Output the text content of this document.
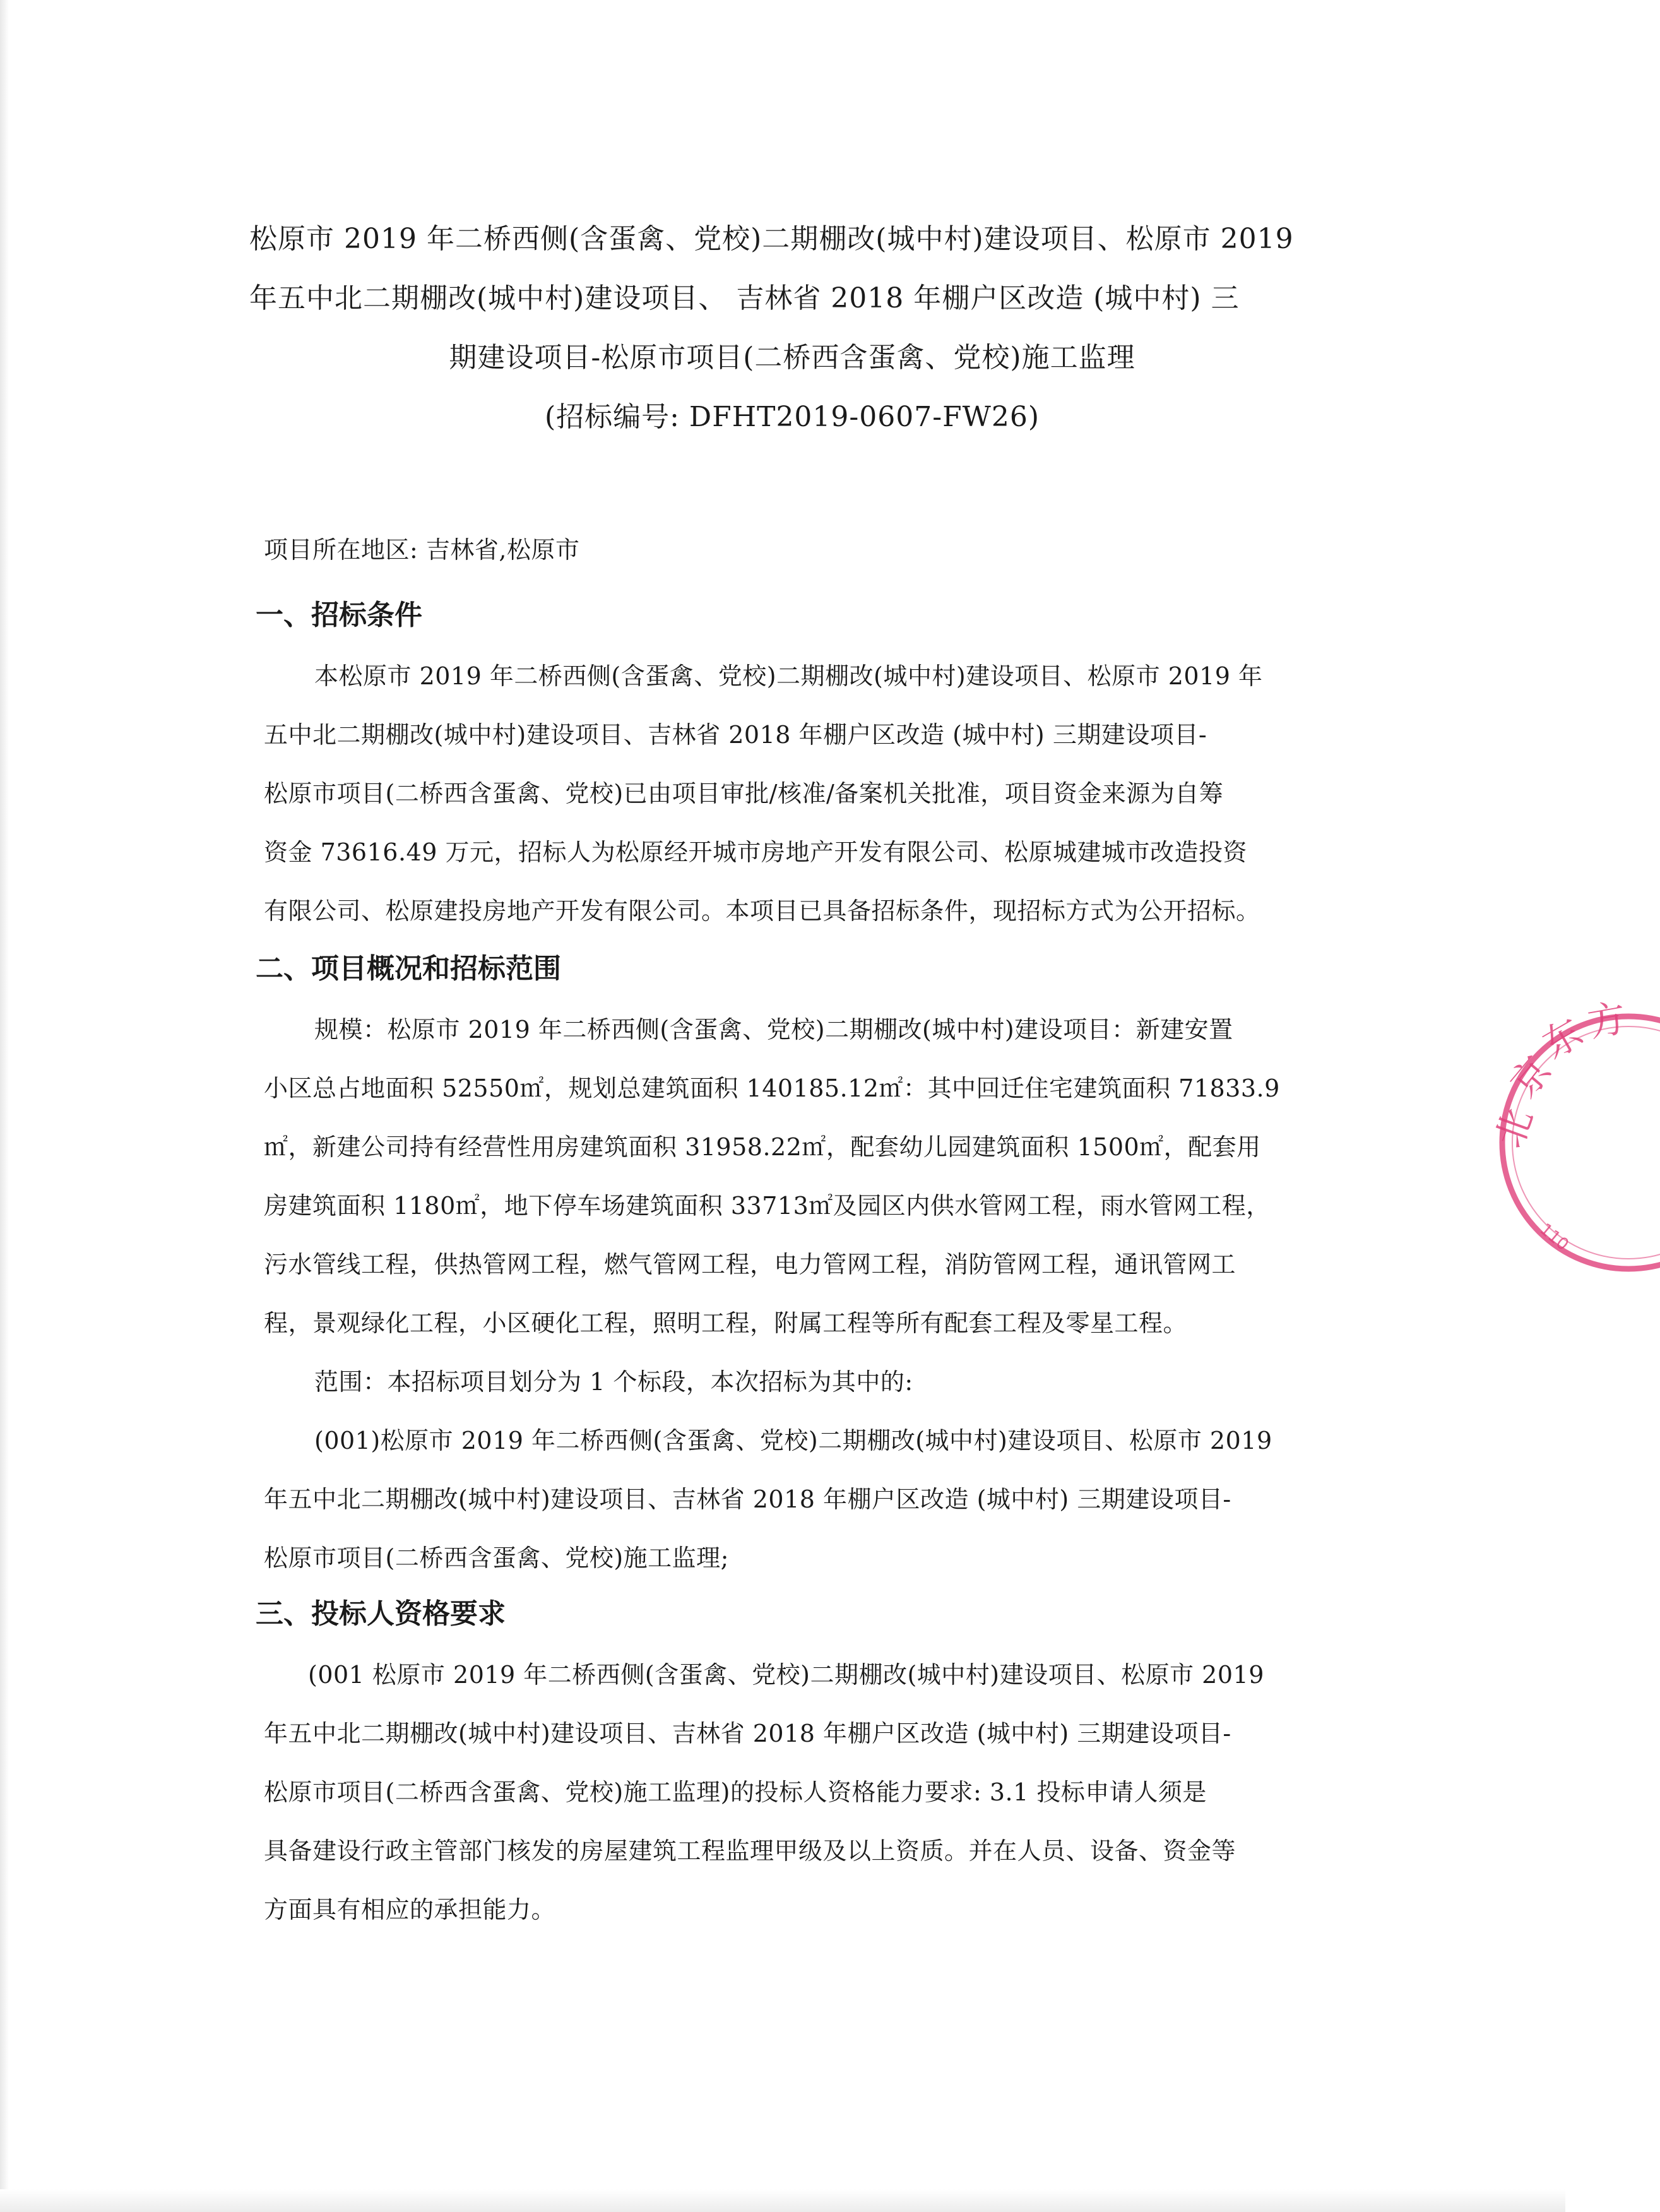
松原市 2019 年二桥西侧(含蛋禽、党校)二期棚改(城中村)建设项目、松原市 2019
年五中北二期棚改(城中村)建设项目、 吉林省 2018 年棚户区改造 (城中村) 三
期建设项目-松原市项目(二桥西含蛋禽、党校)施工监理
(招标编号: DFHT2019-0607-FW26)
项目所在地区: 吉林省,松原市
一、招标条件
本松原市 2019 年二桥西侧(含蛋禽、党校)二期棚改(城中村)建设项目、松原市 2019 年
五中北二期棚改(城中村)建设项目、吉林省 2018 年棚户区改造 (城中村) 三期建设项目-
松原市项目(二桥西含蛋禽、党校)已由项目审批/核准/备案机关批准，项目资金来源为自筹
资金 73616.49 万元，招标人为松原经开城市房地产开发有限公司、松原城建城市改造投资
有限公司、松原建投房地产开发有限公司。本项目已具备招标条件，现招标方式为公开招标。
二、项目概况和招标范围
规模：松原市 2019 年二桥西侧(含蛋禽、党校)二期棚改(城中村)建设项目：新建安置
小区总占地面积 52550㎡，规划总建筑面积 140185.12㎡：其中回迁住宅建筑面积 71833.9
㎡，新建公司持有经营性用房建筑面积 31958.22㎡，配套幼儿园建筑面积 1500㎡，配套用
房建筑面积 1180㎡，地下停车场建筑面积 33713㎡及园区内供水管网工程，雨水管网工程，
污水管线工程，供热管网工程，燃气管网工程，电力管网工程，消防管网工程，通讯管网工
程，景观绿化工程，小区硬化工程，照明工程，附属工程等所有配套工程及零星工程。
范围：本招标项目划分为 1 个标段，本次招标为其中的:
(001)松原市 2019 年二桥西侧(含蛋禽、党校)二期棚改(城中村)建设项目、松原市 2019
年五中北二期棚改(城中村)建设项目、吉林省 2018 年棚户区改造 (城中村) 三期建设项目-
松原市项目(二桥西含蛋禽、党校)施工监理;
三、投标人资格要求
(001 松原市 2019 年二桥西侧(含蛋禽、党校)二期棚改(城中村)建设项目、松原市 2019
年五中北二期棚改(城中村)建设项目、吉林省 2018 年棚户区改造 (城中村) 三期建设项目-
松原市项目(二桥西含蛋禽、党校)施工监理)的投标人资格能力要求: 3.1 投标申请人须是
具备建设行政主管部门核发的房屋建筑工程监理甲级及以上资质。并在人员、设备、资金等
方面具有相应的承担能力。
北
京
东
方
110
